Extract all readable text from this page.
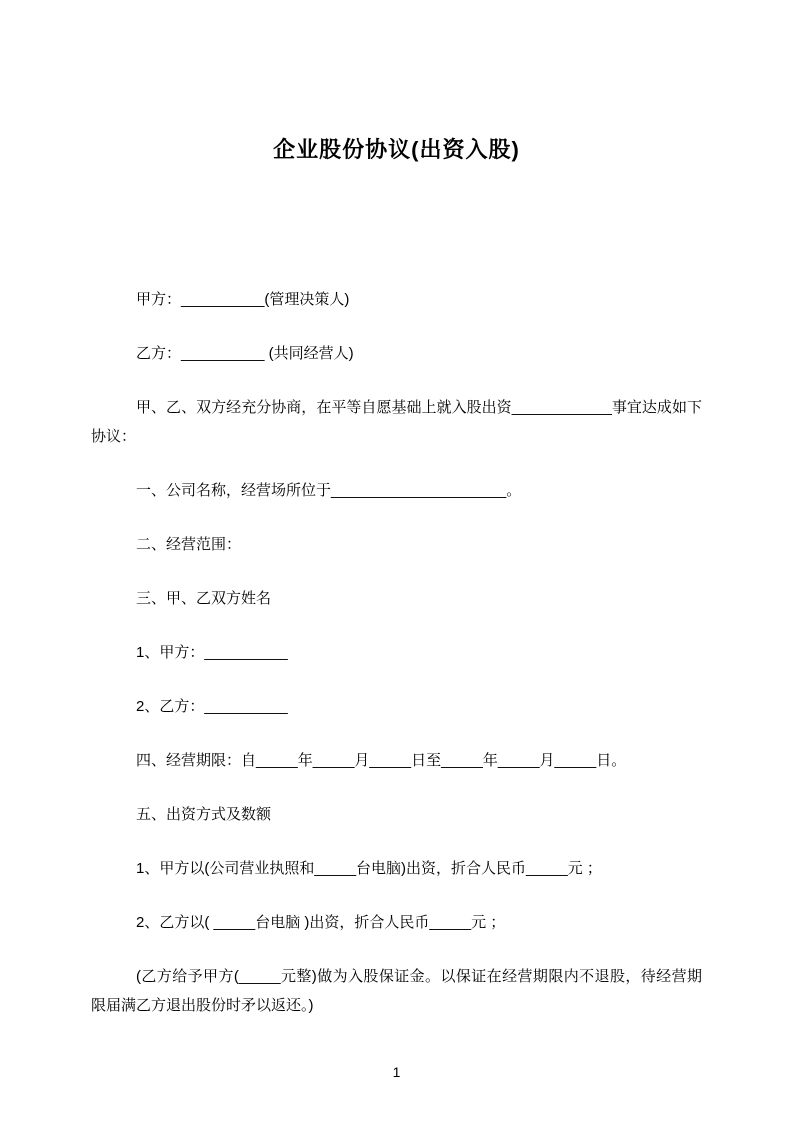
企业股份协议(出资入股)

甲方：__________(管理决策人)

乙方：__________ (共同经营人)

甲、乙、双方经充分协商，在平等自愿基础上就入股出资____________事宜达成如下协议：

一、公司名称，经营场所位于_____________________。

二、经营范围：

三、甲、乙双方姓名

1、甲方：__________

2、乙方：__________

四、经营期限：自_____年_____月_____日至_____年_____月_____日。

五、出资方式及数额

1、甲方以(公司营业执照和_____台电脑)出资，折合人民币_____元 ；

2、乙方以( _____台电脑 )出资，折合人民币_____元 ；

(乙方给予甲方(_____元整)做为入股保证金。以保证在经营期限内不退股，待经营期限届满乙方退出股份时矛以返还。)

1
